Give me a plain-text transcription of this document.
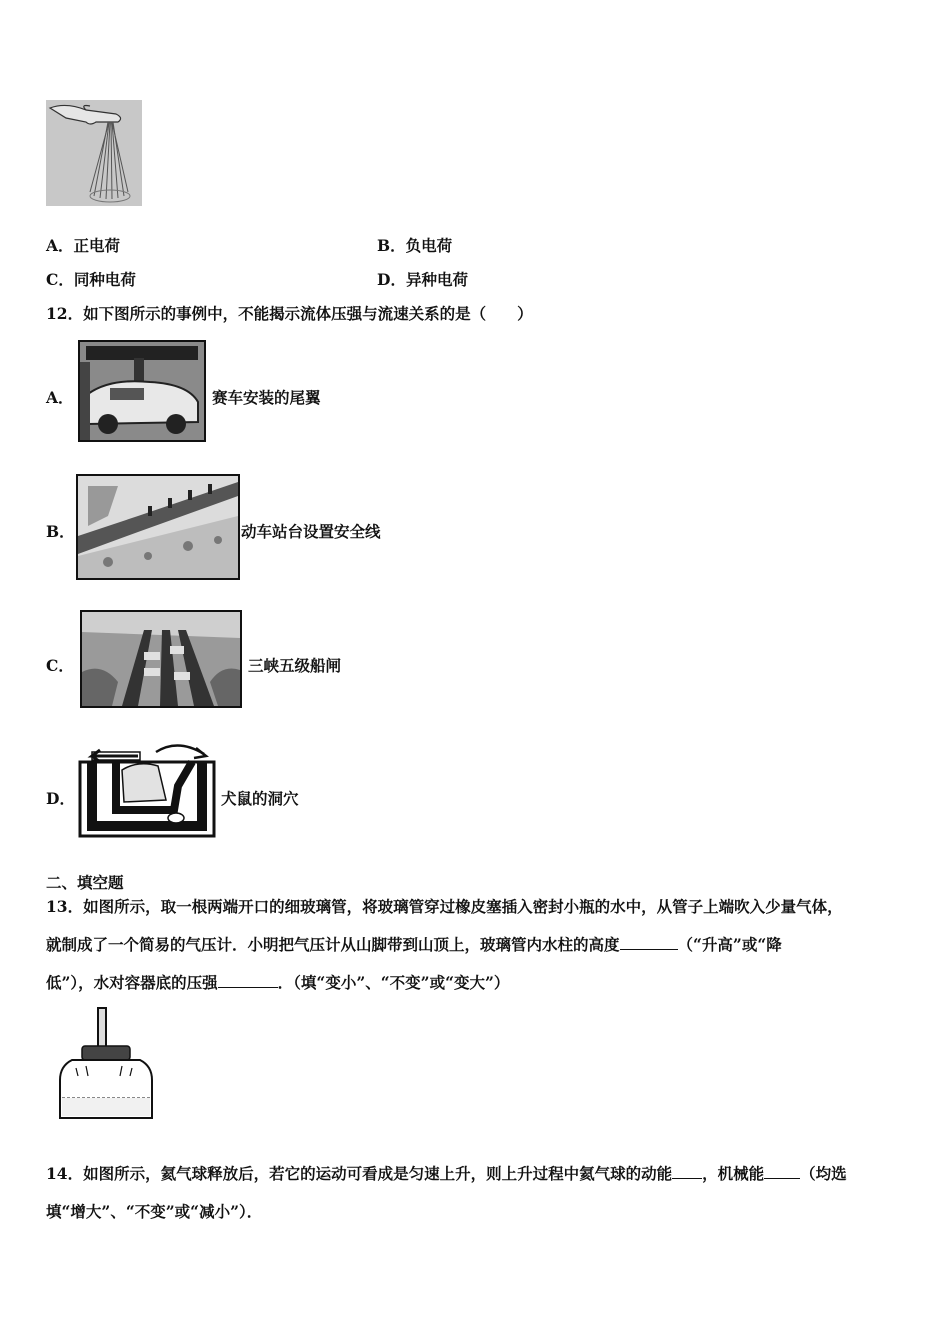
A．正电荷	B．负电荷
C．同种电荷	D．异种电荷
12．如下图所示的事例中，不能揭示流体压强与流速关系的是（　　）
A．	赛车安装的尾翼
B．	动车站台设置安全线
C．	三峡五级船闸
D．	犬鼠的洞穴
二、填空题
13．如图所示，取一根两端开口的细玻璃管，将玻璃管穿过橡皮塞插入密封小瓶的水中，从管子上端吹入少量气体，
就制成了一个简易的气压计．小明把气压计从山脚带到山顶上，玻璃管内水柱的高度	（“升高”或“降
低”），水对容器底的压强	．（填“变小”、“不变”或“变大”）
14．如图所示，氦气球释放后，若它的运动可看成是匀速上升，则上升过程中氦气球的动能 ，机械能 （均选
填“增大”、“不变”或“减小”）．
